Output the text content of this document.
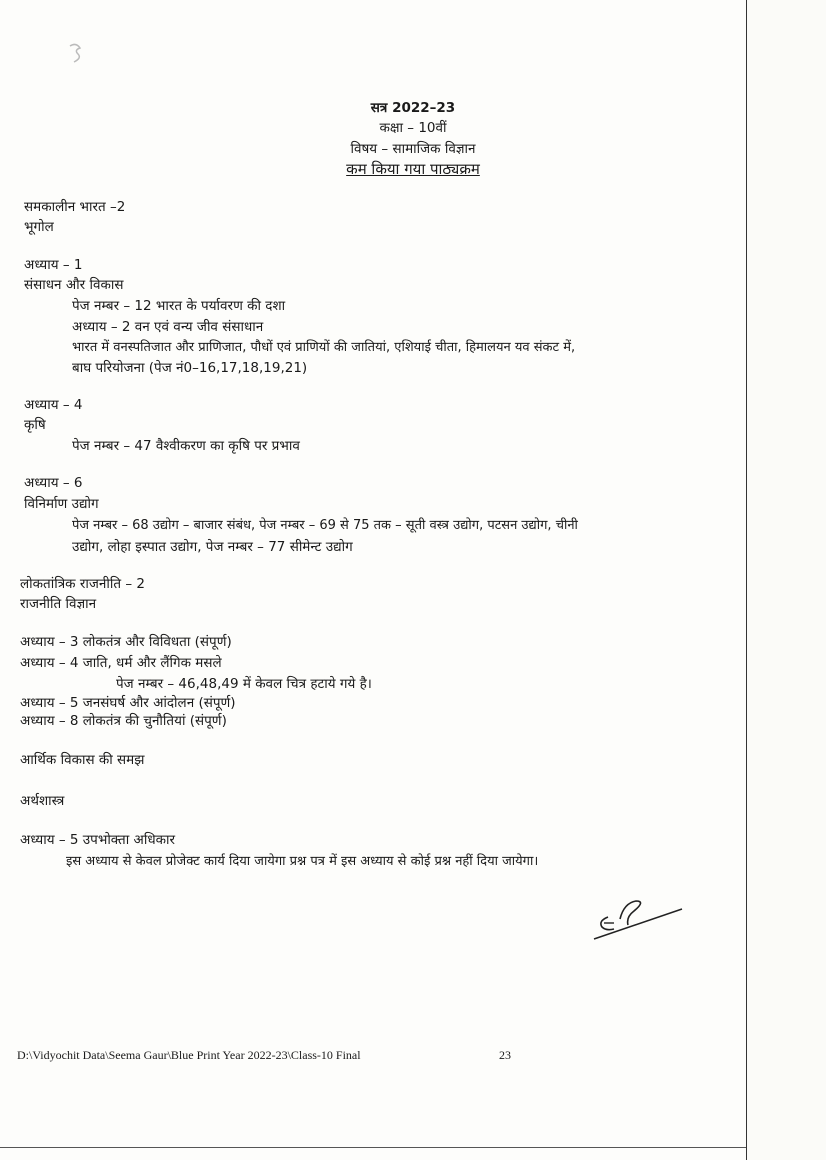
सत्र 2022–23
कक्षा – 10वीं
विषय – सामाजिक विज्ञान
कम किया गया पाठ्यक्रम
समकालीन भारत –2
भूगोल
अध्याय – 1
संसाधन और विकास
पेज नम्बर – 12 भारत के पर्यावरण की दशा
अध्याय – 2 वन एवं वन्य जीव संसाधान
भारत में वनस्पतिजात और प्राणिजात, पौधों एवं प्राणियों की जातियां, एशियाई चीता, हिमालयन यव संकट में,
बाघ परियोजना (पेज नं0–16,17,18,19,21)
अध्याय – 4
कृषि
पेज नम्बर – 47 वैश्वीकरण का कृषि पर प्रभाव
अध्याय – 6
विनिर्माण उद्योग
पेज नम्बर – 68 उद्योग – बाजार संबंध, पेज नम्बर – 69 से 75 तक – सूती वस्त्र उद्योग, पटसन उद्योग, चीनी
उद्योग, लोहा इस्पात उद्योग, पेज नम्बर – 77 सीमेन्ट उद्योग
लोकतांत्रिक राजनीति – 2
राजनीति विज्ञान
अध्याय – 3 लोकतंत्र और विविधता (संपूर्ण)
अध्याय – 4 जाति, धर्म और लैंगिक मसले
पेज नम्बर – 46,48,49 में केवल चित्र हटाये गये है।
अध्याय – 5 जनसंघर्ष और आंदोलन (संपूर्ण)
अध्याय – 8 लोकतंत्र की चुनौतियां (संपूर्ण)
आर्थिक विकास की समझ
अर्थशास्त्र
अध्याय – 5 उपभोक्ता अधिकार
इस अध्याय से केवल प्रोजेक्ट कार्य दिया जायेगा प्रश्न पत्र में इस अध्याय से कोई प्रश्न नहीं दिया जायेगा।
D:\Vidyochit Data\Seema Gaur\Blue Print Year 2022-23\Class-10 Final	23
